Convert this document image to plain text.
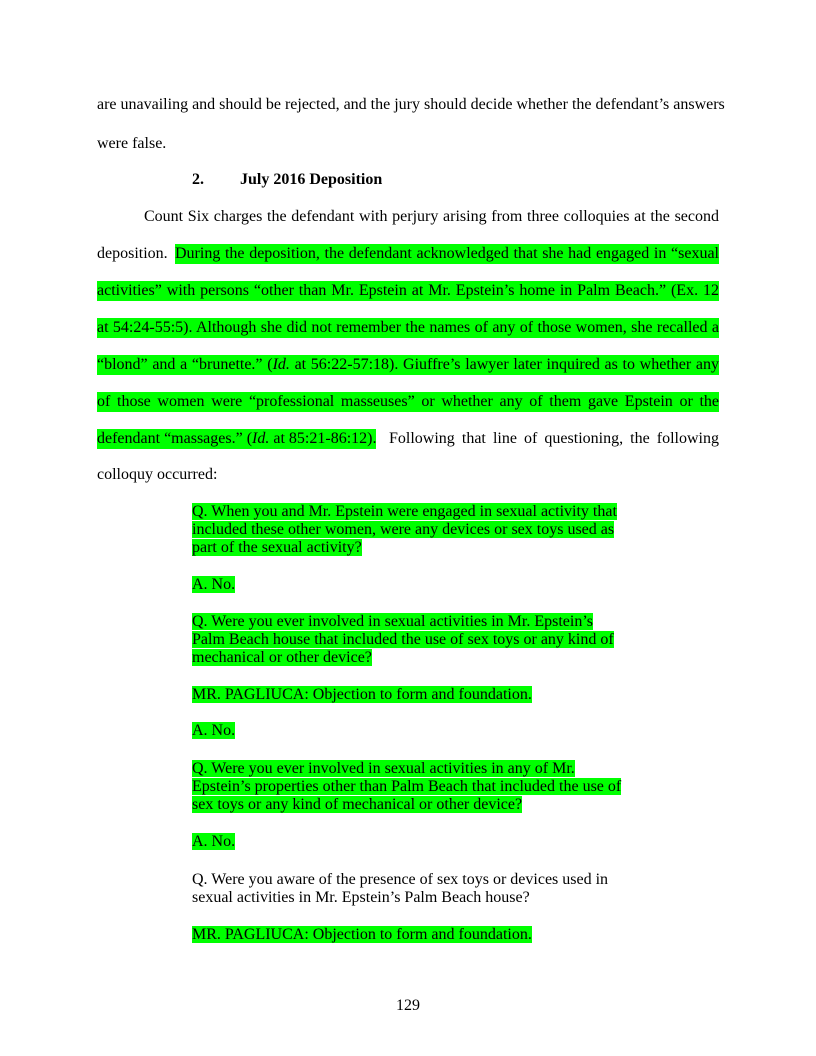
are unavailing and should be rejected, and the jury should decide whether the defendant’s answers
were false.
2. July 2016 Deposition
Count Six charges the defendant with perjury arising from three colloquies at the second
deposition. During the deposition, the defendant acknowledged that she had engaged in “sexual
activities” with persons “other than Mr. Epstein at Mr. Epstein’s home in Palm Beach.” (Ex. 12
at 54:24-55:5). Although she did not remember the names of any of those women, she recalled a
“blond” and a “brunette.” (Id. at 56:22-57:18). Giuffre’s lawyer later inquired as to whether any
of those women were “professional masseuses” or whether any of them gave Epstein or the
defendant “massages.” (Id. at 85:21-86:12). Following that line of questioning, the following
colloquy occurred:
Q. When you and Mr. Epstein were engaged in sexual activity that
included these other women, were any devices or sex toys used as
part of the sexual activity?
A. No.
Q. Were you ever involved in sexual activities in Mr. Epstein’s
Palm Beach house that included the use of sex toys or any kind of
mechanical or other device?
MR. PAGLIUCA: Objection to form and foundation.
A. No.
Q. Were you ever involved in sexual activities in any of Mr.
Epstein’s properties other than Palm Beach that included the use of
sex toys or any kind of mechanical or other device?
A. No.
Q. Were you aware of the presence of sex toys or devices used in
sexual activities in Mr. Epstein’s Palm Beach house?
MR. PAGLIUCA: Objection to form and foundation.
129
